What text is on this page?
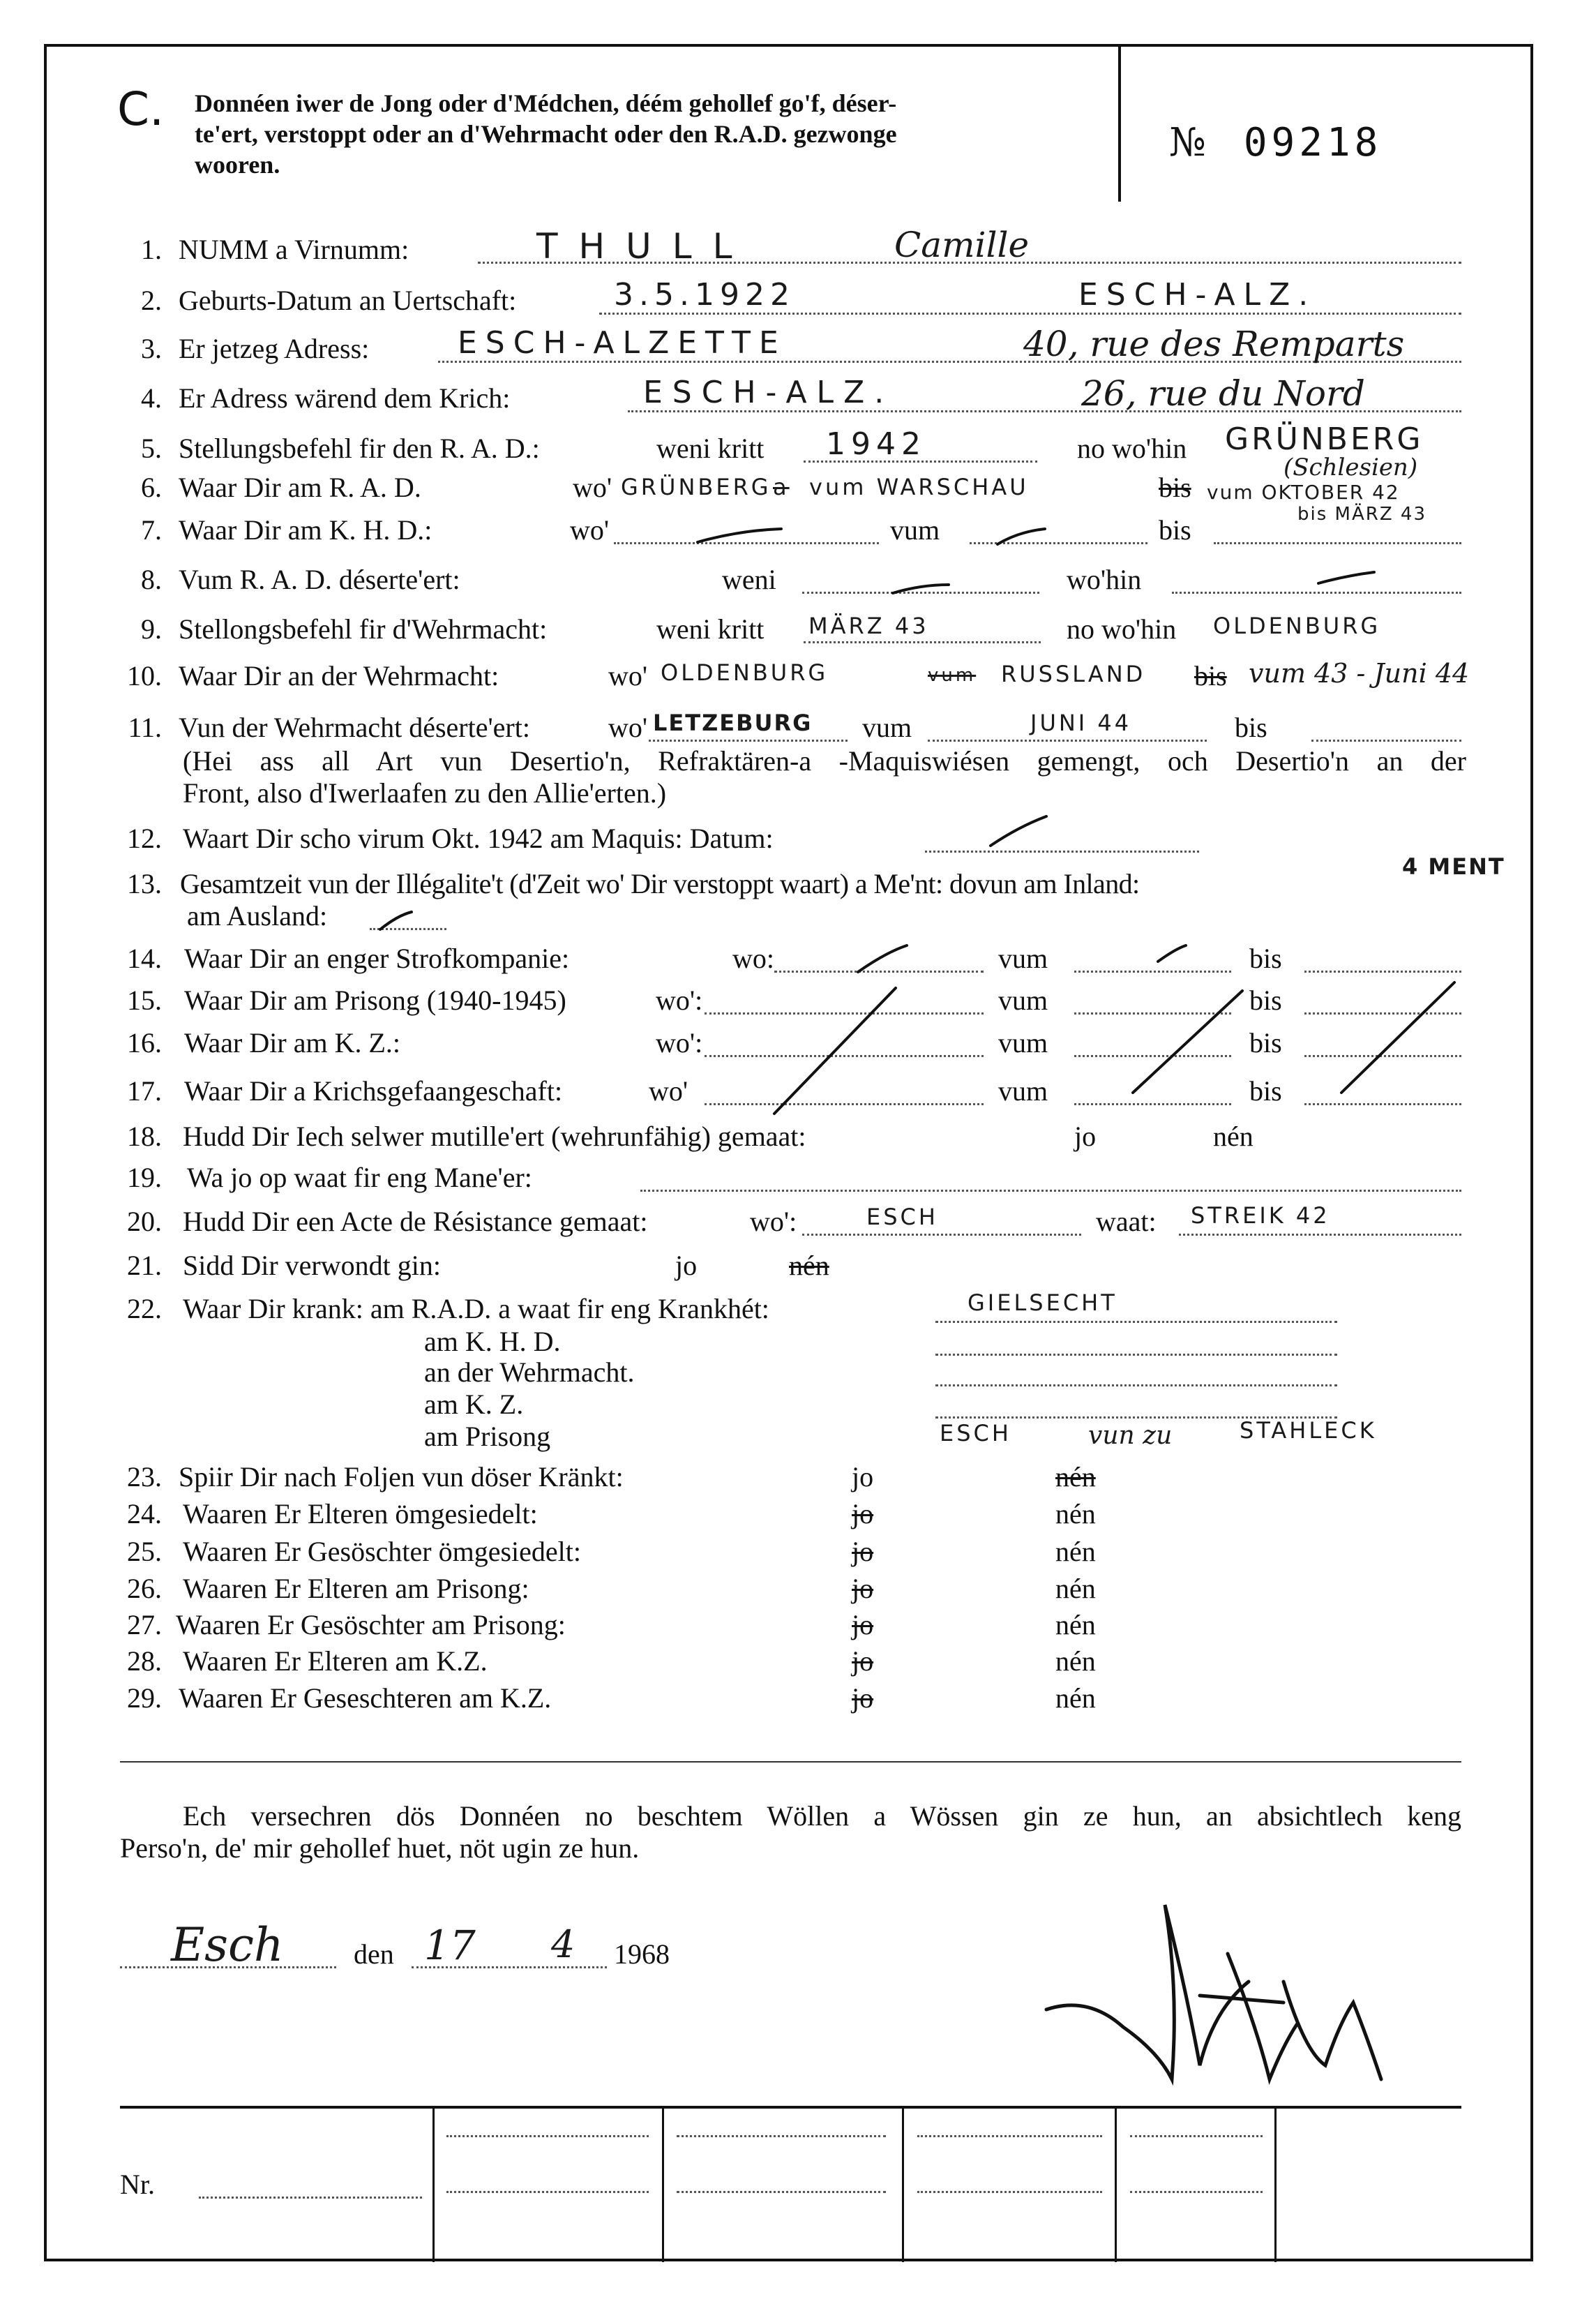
C. Donnéen iwer de Jong oder d'Médchen, déém gehollef go'f, déser-
te'ert, verstoppt oder an d'Wehrmacht oder den R.A.D. gezwonge
wooren.	№ 09218
1. NUMM a Virnumm:	THULL	Camille
2. Geburts-Datum an Uertschaft:	3.5.1922	ESCH-ALZ.
3. Er jetzeg Adress:	ESCH-ALZETTE	40, rue des Remparts
4. Er Adress wärend dem Krich:	ESCH-ALZ.	26, rue du Nord
5. Stellungsbefehl fir den R. A. D.:	weni kritt 1942	no wo'hin GRÜNBERG
(Schlesien)
6. Waar Dir am R. A. D.	wo' GRÜNBERG a vum WARSCHAU	bis vum OKTOBER 42
bis MÄRZ 43
7. Waar Dir am K. H. D.:	wo'	vum	bis
8. Vum R. A. D. déserte'ert:	weni	wo'hin
9. Stellongsbefehl fir d'Wehrmacht:	weni kritt MÄRZ 43	no wo'hin OLDENBURG
10. Waar Dir an der Wehrmacht:	wo' OLDENBURG	vum RUSSLAND bis vum 43 - Juni 44
11. Vun der Wehrmacht déserte'ert:	wo' LETZEBURG vum	JUNI 44	bis
(Hei ass all Art vun Desertio'n, Refraktären-a -Maquiswiésen gemengt, och Desertio'n an der
Front, also d'Iwerlaafen zu den Allie'erten.)
12. Waart Dir scho virum Okt. 1942 am Maquis: Datum:
13. Gesamtzeit vun der Illégalite't (d'Zeit wo' Dir verstoppt waart) a Me'nt: dovun am Inland:
4 MENT
am Ausland:
14. Waar Dir an enger Strofkompanie:	wo:	vum	bis
15. Waar Dir am Prisong (1940-1945)	wo':	vum	bis
16. Waar Dir am K. Z.:	wo':	vum	bis
17. Waar Dir a Krichsgefaangeschaft:	wo'	vum	bis
18. Hudd Dir Iech selwer mutille'ert (wehrunfähig) gemaat:	jo	nén
19. Wa jo op waat fir eng Mane'er:
20. Hudd Dir een Acte de Résistance gemaat:	wo':	ESCH	waat: STREIK 42
21. Sidd Dir verwondt gin:	jo	nén
22. Waar Dir krank: am R.A.D. a waat fir eng Krankhét:	GIELSECHT
am K. H. D.
an der Wehrmacht.
am K. Z.
am Prisong	ESCH	vun zu	STAHLECK
23. Spiir Dir nach Foljen vun döser Kränkt:	jo	nén
24. Waaren Er Elteren ömgesiedelt:	jo	nén
25. Waaren Er Gesöschter ömgesiedelt:	jo	nén
26. Waaren Er Elteren am Prisong:	jo	nén
27. Waaren Er Gesöschter am Prisong:	jo	nén
28. Waaren Er Elteren am K.Z.	jo	nén
29. Waaren Er Geseschteren am K.Z.	jo	nén
Ech versechren dös Donnéen no beschtem Wöllen a Wössen gin ze hun, an absichtlech keng
Perso'n, de' mir gehollef huet, nöt ugin ze hun.
Esch	den 17 4 1968
Nr.
